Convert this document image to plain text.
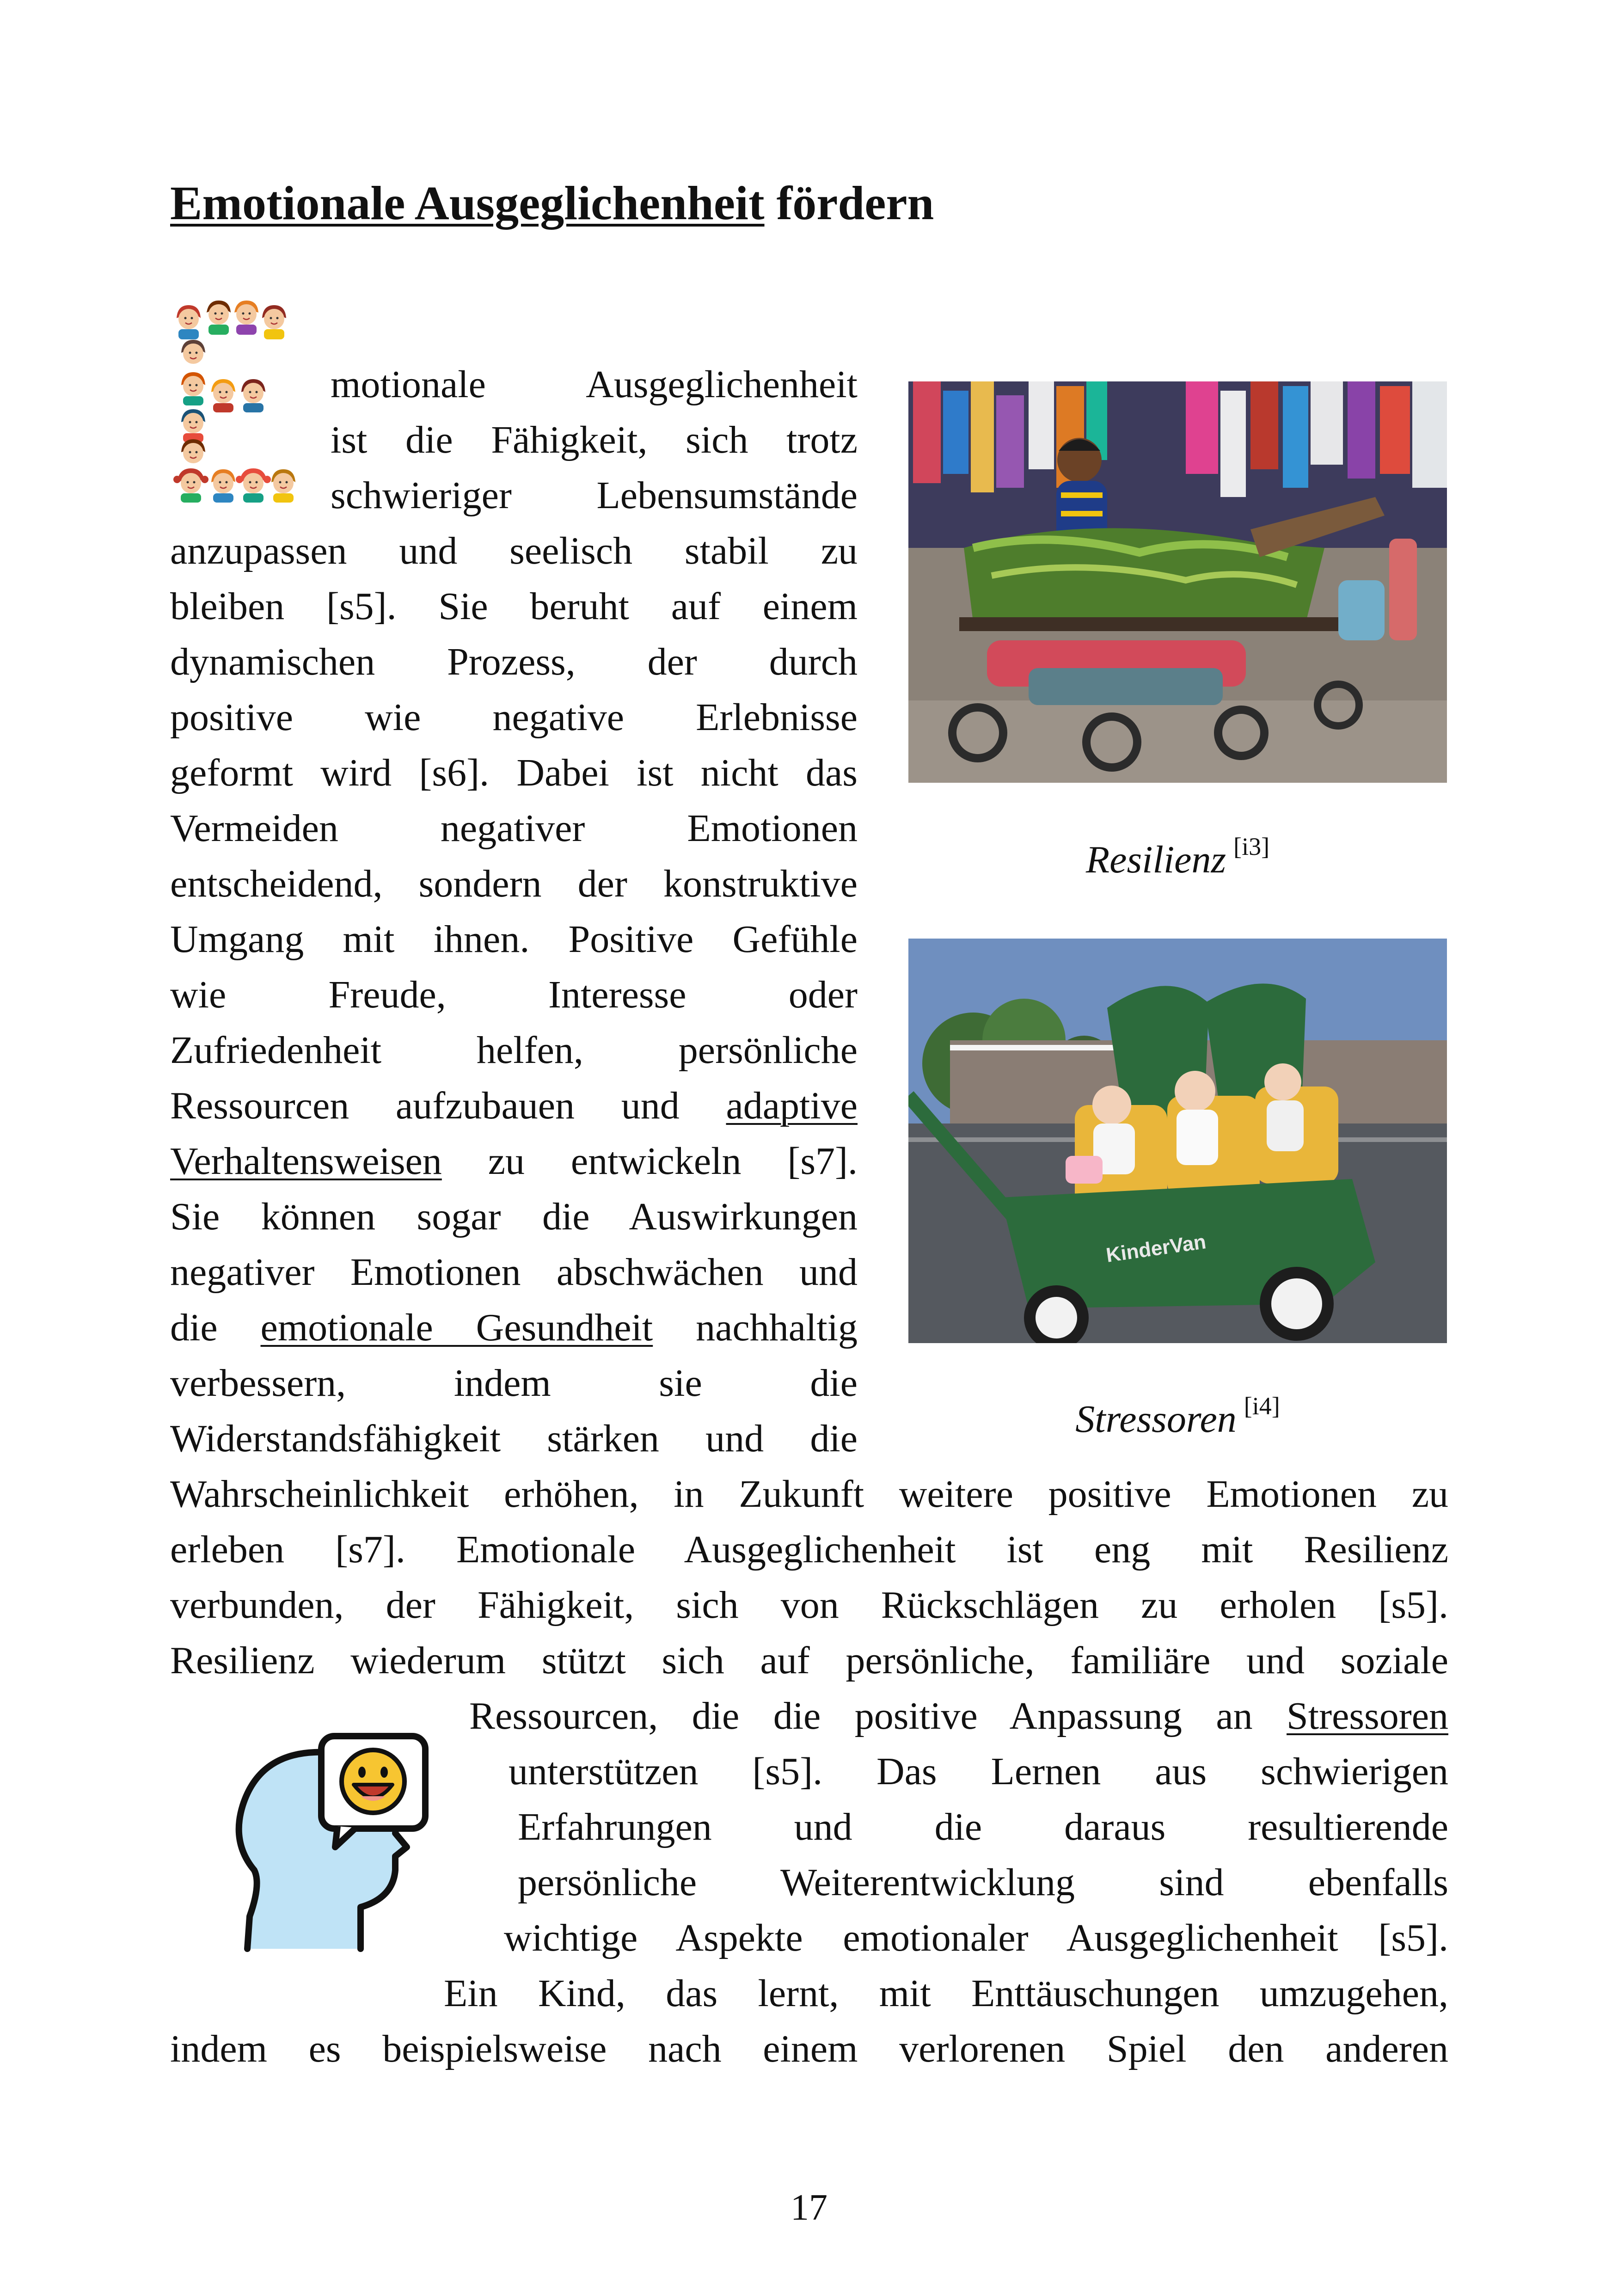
Emotionale Ausgeglichenheit fördern
motionale Ausgeglichenheit
ist die Fähigkeit, sich trotz
schwieriger Lebensumstände
anzupassen und seelisch stabil zu
bleiben [s5]. Sie beruht auf einem
dynamischen Prozess, der durch
positive wie negative Erlebnisse
geformt wird [s6]. Dabei ist nicht das
Vermeiden negativer Emotionen
entscheidend, sondern der konstruktive
Umgang mit ihnen. Positive Gefühle
wie Freude, Interesse oder
Zufriedenheit helfen, persönliche
Ressourcen aufzubauen und adaptive
Verhaltensweisen zu entwickeln [s7].
Sie können sogar die Auswirkungen
negativer Emotionen abschwächen und
die emotionale Gesundheit nachhaltig
verbessern, indem sie die
Widerstandsfähigkeit stärken und die
Wahrscheinlichkeit erhöhen, in Zukunft weitere positive Emotionen zu
erleben [s7]. Emotionale Ausgeglichenheit ist eng mit Resilienz
verbunden, der Fähigkeit, sich von Rückschlägen zu erholen [s5].
Resilienz wiederum stützt sich auf persönliche, familiäre und soziale
Ressourcen, die die positive Anpassung an Stressoren
unterstützen [s5]. Das Lernen aus schwierigen
Erfahrungen und die daraus resultierende
persönliche Weiterentwicklung sind ebenfalls
wichtige Aspekte emotionaler Ausgeglichenheit [s5].
Ein Kind, das lernt, mit Enttäuschungen umzugehen,
indem es beispielsweise nach einem verlorenen Spiel den anderen
Resilienz [i3]
KinderVan
Stressoren [i4]
17
